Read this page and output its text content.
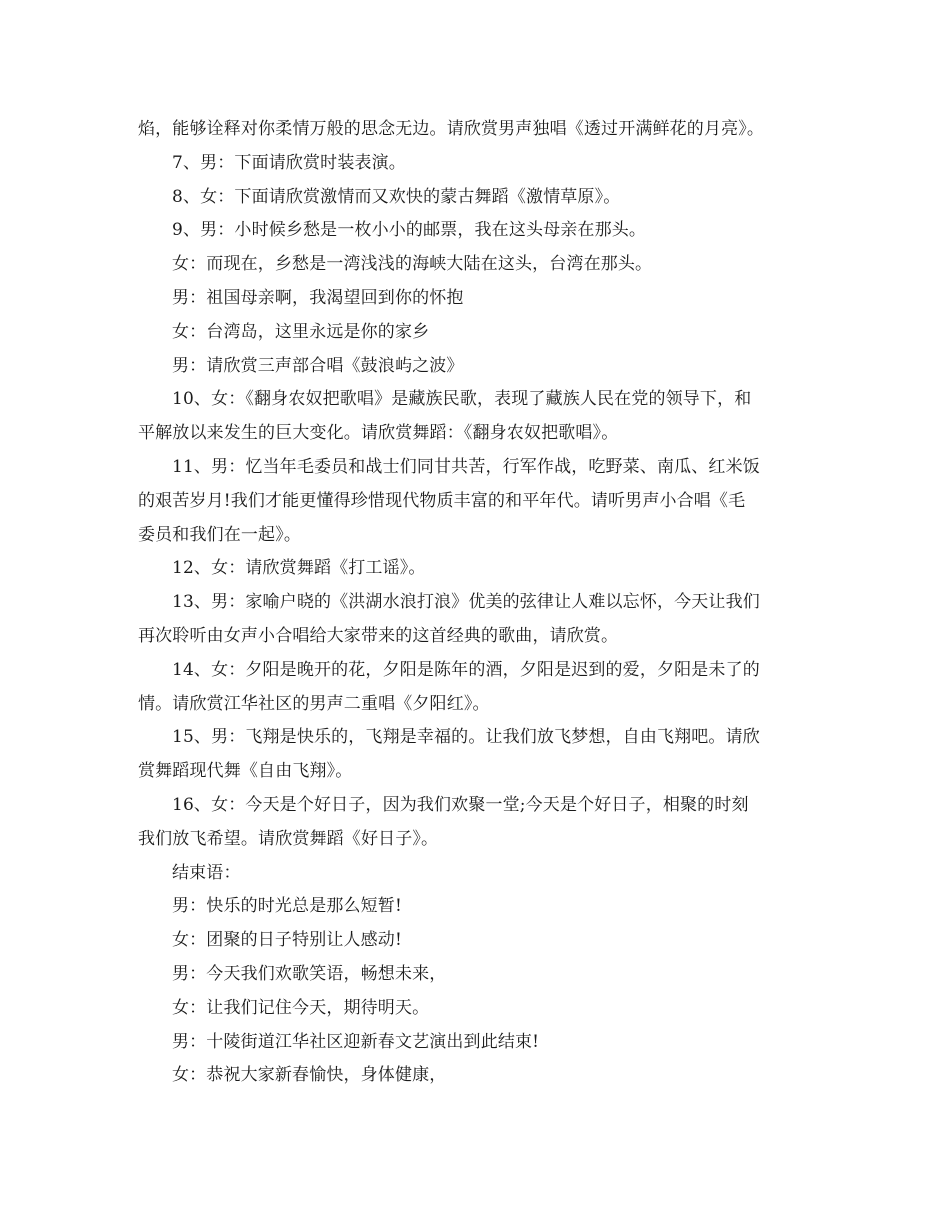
焰，能够诠释对你柔情万般的思念无边。请欣赏男声独唱《透过开满鲜花的月亮》。
7、男：下面请欣赏时装表演。
8、女：下面请欣赏激情而又欢快的蒙古舞蹈《激情草原》。
9、男：小时候乡愁是一枚小小的邮票，我在这头母亲在那头。
女：而现在，乡愁是一湾浅浅的海峡大陆在这头，台湾在那头。
男：祖国母亲啊，我渴望回到你的怀抱
女：台湾岛，这里永远是你的家乡
男：请欣赏三声部合唱《鼓浪屿之波》
10、女：《翻身农奴把歌唱》是藏族民歌，表现了藏族人民在党的领导下，和
平解放以来发生的巨大变化。请欣赏舞蹈：《翻身农奴把歌唱》。
11、男：忆当年毛委员和战士们同甘共苦，行军作战，吃野菜、南瓜、红米饭
的艰苦岁月!我们才能更懂得珍惜现代物质丰富的和平年代。请听男声小合唱《毛
委员和我们在一起》。
12、女：请欣赏舞蹈《打工谣》。
13、男：家喻户晓的《洪湖水浪打浪》优美的弦律让人难以忘怀，今天让我们
再次聆听由女声小合唱给大家带来的这首经典的歌曲，请欣赏。
14、女：夕阳是晚开的花，夕阳是陈年的酒，夕阳是迟到的爱，夕阳是未了的
情。请欣赏江华社区的男声二重唱《夕阳红》。
15、男：飞翔是快乐的，飞翔是幸福的。让我们放飞梦想，自由飞翔吧。请欣
赏舞蹈现代舞《自由飞翔》。
16、女：今天是个好日子，因为我们欢聚一堂;今天是个好日子，相聚的时刻
我们放飞希望。请欣赏舞蹈《好日子》。
结束语：
男：快乐的时光总是那么短暂!
女：团聚的日子特别让人感动!
男：今天我们欢歌笑语，畅想未来，
女：让我们记住今天，期待明天。
男：十陵街道江华社区迎新春文艺演出到此结束!
女：恭祝大家新春愉快，身体健康，
